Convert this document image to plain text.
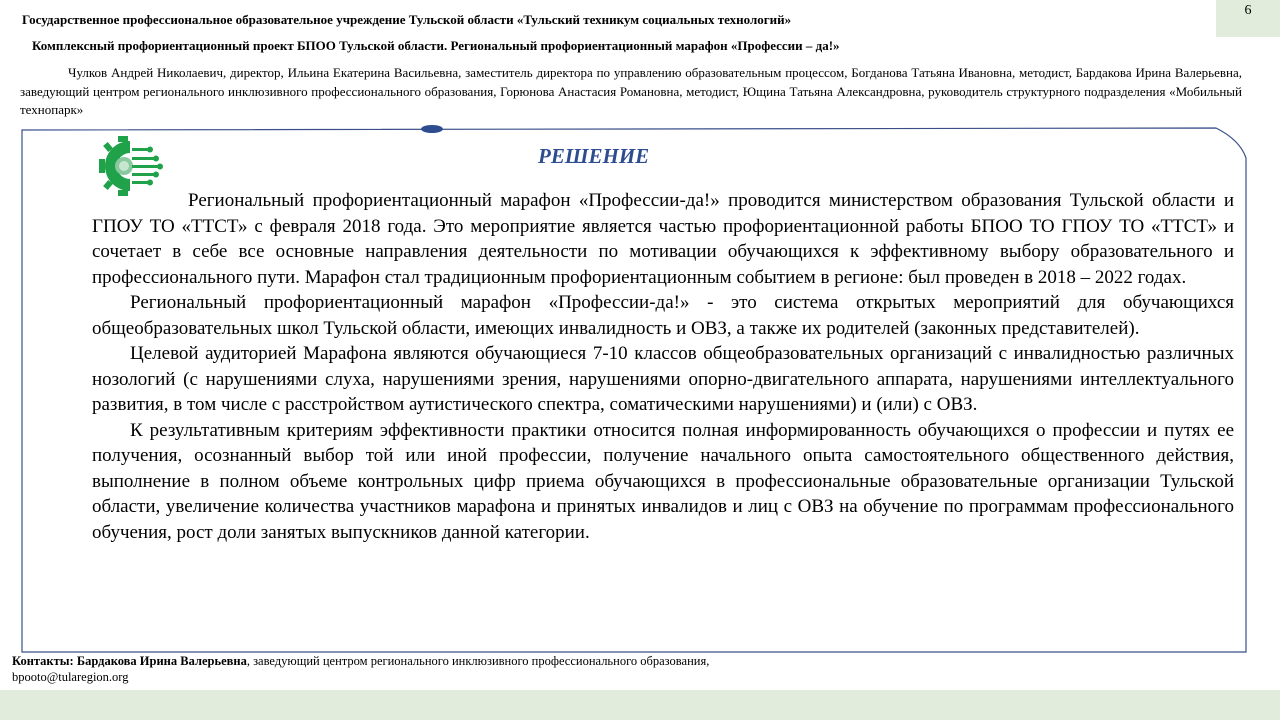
Государственное профессиональное образовательное учреждение Тульской области «Тульский техникум социальных технологий»
Комплексный профориентационный проект БПОО Тульской области. Региональный профориентационный марафон «Профессии – да!»
Чулков Андрей Николаевич, директор, Ильина Екатерина Васильевна, заместитель директора по управлению образовательным процессом, Богданова Татьяна Ивановна, методист, Бардакова Ирина Валерьевна, заведующий центром регионального инклюзивного профессионального образования, Горюнова Анастасия Романовна, методист, Ющина Татьяна Александровна, руководитель структурного подразделения «Мобильный технопарк»
6
РЕШЕНИЕ

Региональный профориентационный марафон «Профессии-да!» проводится министерством образования Тульской области и ГПОУ ТО «ТТСТ» с февраля 2018 года. Это мероприятие является частью профориентационной работы БПОО ТО ГПОУ ТО «ТТСТ» и сочетает в себе все основные направления деятельности по мотивации обучающихся к эффективному выбору образовательного и профессионального пути. Марафон стал традиционным профориентационным событием в регионе: был проведен в 2018 – 2022 годах.

Региональный профориентационный марафон «Профессии-да!» - это система открытых мероприятий для обучающихся общеобразовательных школ Тульской области, имеющих инвалидность и ОВЗ, а также их родителей (законных представителей).

Целевой аудиторией Марафона являются обучающиеся 7-10 классов общеобразовательных организаций с инвалидностью различных нозологий (с нарушениями слуха, нарушениями зрения, нарушениями опорно-двигательного аппарата, нарушениями интеллектуального развития, в том числе с расстройством аутистического спектра, соматическими нарушениями) и (или) с ОВЗ.

К результативным критериям эффективности практики относится полная информированность обучающихся о профессии и путях ее получения, осознанный выбор той или иной профессии, получение начального опыта самостоятельного общественного действия, выполнение в полном объеме контрольных цифр приема обучающихся в профессиональные образовательные организации Тульской области, увеличение количества участников марафона и принятых инвалидов и лиц с ОВЗ на обучение по программам профессионального обучения, рост доли занятых выпускников данной категории.

Контакты: Бардакова Ирина Валерьевна, заведующий центром регионального инклюзивного профессионального образования,
bpooto@tularegion.org
